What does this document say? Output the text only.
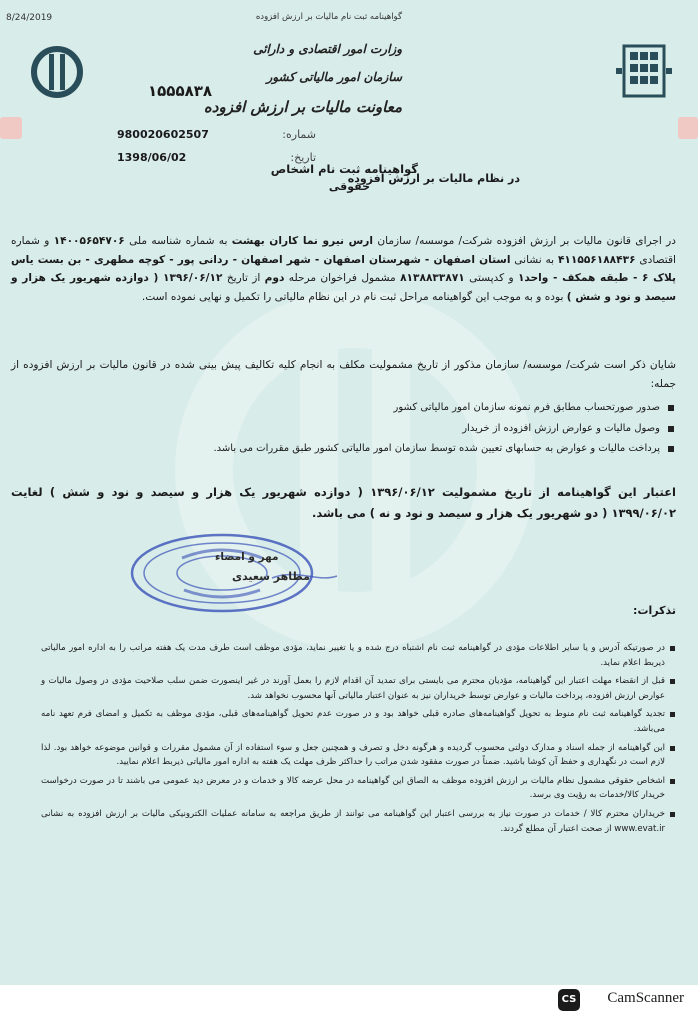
8/24/2019	گواهینامه ثبت نام مالیات بر ارزش افزوده
۱۵۵۵۸۳۸
وزارت امور اقتصادی و دارائی
سازمان امور مالیاتی کشور
معاونت مالیات بر ارزش افزوده
شماره:
980020602507
تاریخ:
1398/06/02
گواهینامه ثبت نام اشخاص
حقوقی
در نظام مالیات بر ارزش افزوده
در اجرای قانون مالیات بر ارزش افزوده شرکت/ موسسه/ سازمان ارس نیرو نما کاران بهشت به شماره شناسه ملی ۱۴۰۰۵۶۵۴۷۰۶ و شماره اقتصادی ۴۱۱۵۵۶۱۸۸۴۳۶ به نشانی استان اصفهان - شهرستان اصفهان - شهر اصفهان - ردانی پور - کوچه مطهری - بن بست یاس پلاک ۶ - طبقه همکف - واحد۱ و کدپستی ۸۱۳۸۸۳۳۸۷۱ مشمول فراخوان مرحله دوم از تاریخ ۱۳۹۶/۰۶/۱۲ ( دوازده شهریور یک هزار و سیصد و نود و شش ) بوده و به موجب این گواهینامه مراحل ثبت نام در این نظام مالیاتی را تکمیل و نهایی نموده است.
شایان ذکر است شرکت/ موسسه/ سازمان مذکور از تاریخ مشمولیت مکلف به انجام کلیه تکالیف پیش بینی شده در قانون مالیات بر ارزش افزوده از جمله:
صدور صورتحساب مطابق فرم نمونه سازمان امور مالیاتی کشور
وصول مالیات و عوارض ارزش افزوده از خریدار
پرداخت مالیات و عوارض به حسابهای تعیین شده توسط سازمان امور مالیاتی کشور طبق مقررات می باشد.
اعتبار این گواهینامه از تاریخ مشمولیت ۱۳۹۶/۰۶/۱۲ ( دوازده شهریور یک هزار و سیصد و نود و شش ) لغایت ۱۳۹۹/۰۶/۰۲ ( دو شهریور یک هزار و سیصد و نود و نه ) می باشد.
مهر و امضاء
مظاهر سعیدی
تذکرات:
در صورتیکه آدرس و یا سایر اطلاعات مؤدی در گواهینامه ثبت نام اشتباه درج شده و یا تغییر نماید، مؤدی موظف است طرف مدت یک هفته مراتب را به اداره امور مالیاتی ذیربط اعلام نماید.
قبل از انقضاء مهلت اعتبار این گواهینامه، مؤدیان محترم می بایستی برای تمدید آن اقدام لازم را بعمل آورند در غیر اینصورت ضمن سلب صلاحیت مؤدی در وصول مالیات و عوارض ارزش افزوده، پرداخت مالیات و عوارض توسط خریداران نیز به عنوان اعتبار مالیاتی آنها محسوب نخواهد شد.
تجدید گواهینامه ثبت نام منوط به تحویل گواهینامه‌های صادره قبلی خواهد بود و در صورت عدم تحویل گواهینامه‌های قبلی، مؤدی موظف به تکمیل و امضای فرم تعهد نامه می‌باشد.
این گواهینامه از جمله اسناد و مدارک دولتی محسوب گردیده و هرگونه دخل و تصرف و همچنین جعل و سوء استفاده از آن مشمول مقررات و قوانین موضوعه خواهد بود. لذا لازم است در نگهداری و حفظ آن کوشا باشید. ضمناً در صورت مفقود شدن مراتب را حداکثر ظرف مهلت یک هفته به اداره امور مالیاتی ذیربط اعلام نمایید.
اشخاص حقوقی مشمول نظام مالیات بر ارزش افزوده موظف به الصاق این گواهینامه در محل عرضه کالا و خدمات و در معرض دید عمومی می باشند تا در صورت درخواست خریدار کالا/خدمات به رؤیت وی برسد.
خریداران محترم کالا / خدمات در صورت نیاز به بررسی اعتبار این گواهینامه می توانند از طریق مراجعه به سامانه عملیات الکترونیکی مالیات بر ارزش افزوده به نشانی www.evat.ir از صحت اعتبار آن مطلع گردند.
CS CamScanner
